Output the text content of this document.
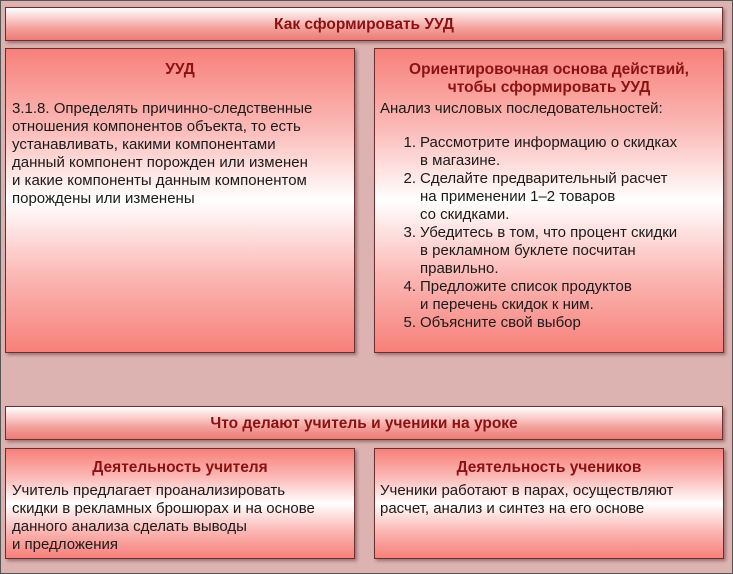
Как сформировать УУД
УУД
3.1.8. Определять причинно-следственные
отношения компонентов объекта, то есть
устанавливать, какими компонентами
данный компонент порожден или изменен
и какие компоненты данным компонентом
порождены или изменены
Ориентировочная основа действий,
чтобы сформировать УУД
Анализ числовых последовательностей:
1. Рассмотрите информацию о скидках
в магазине.
2. Сделайте предварительный расчет
на применении 1–2 товаров
со скидками.
3. Убедитесь в том, что процент скидки
в рекламном буклете посчитан
правильно.
4. Предложите список продуктов
и перечень скидок к ним.
5. Объясните свой выбор
Что делают учитель и ученики на уроке
Деятельность учителя
Учитель предлагает проанализировать
скидки в рекламных брошюрах и на основе
данного анализа сделать выводы
и предложения
Деятельность учеников
Ученики работают в парах, осуществляют
расчет, анализ и синтез на его основе
